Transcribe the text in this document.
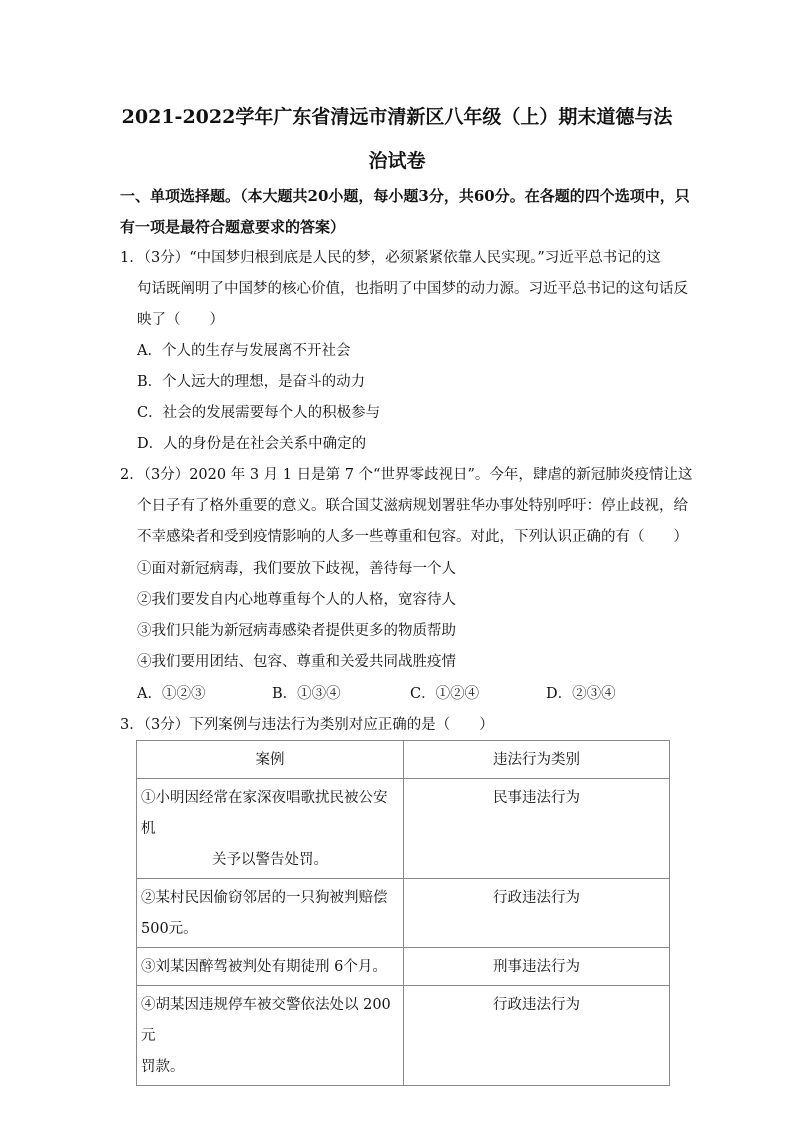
2021-2022学年广东省清远市清新区八年级（上）期末道德与法
治试卷
一、单项选择题。（本大题共20小题，每小题3分，共60分。在各题的四个选项中，只
有一项是最符合题意要求的答案）
1．（3分）“中国梦归根到底是人民的梦，必须紧紧依靠人民实现。”习近平总书记的这
句话既阐明了中国梦的核心价值，也指明了中国梦的动力源。习近平总书记的这句话反
映了（　　）
A．个人的生存与发展离不开社会
B．个人远大的理想，是奋斗的动力
C．社会的发展需要每个人的积极参与
D．人的身份是在社会关系中确定的
2．（3分）2020 年 3 月 1 日是第 7 个“世界零歧视日”。今年，肆虐的新冠肺炎疫情让这
个日子有了格外重要的意义。联合国艾滋病规划署驻华办事处特别呼吁：停止歧视，给
不幸感染者和受到疫情影响的人多一些尊重和包容。对此，下列认识正确的有（　　）
①面对新冠病毒，我们要放下歧视，善待每一个人
②我们要发自内心地尊重每个人的人格，宽容待人
③我们只能为新冠病毒感染者提供更多的物质帮助
④我们要用团结、包容、尊重和关爱共同战胜疫情
A．①②③	B．①③④	C．①②④	D．②③④
3．（3分）下列案例与违法行为类别对应正确的是（　　）
案例	违法行为类别

①小明因经常在家深夜唱歌扰民被公安机
关予以警告处罚。	民事违法行为

②某村民因偷窃邻居的一只狗被判赔偿
500元。	行政违法行为

③刘某因醉驾被判处有期徒刑 6个月。	刑事违法行为

④胡某因违规停车被交警依法处以 200 元
罚款。	行政违法行为
